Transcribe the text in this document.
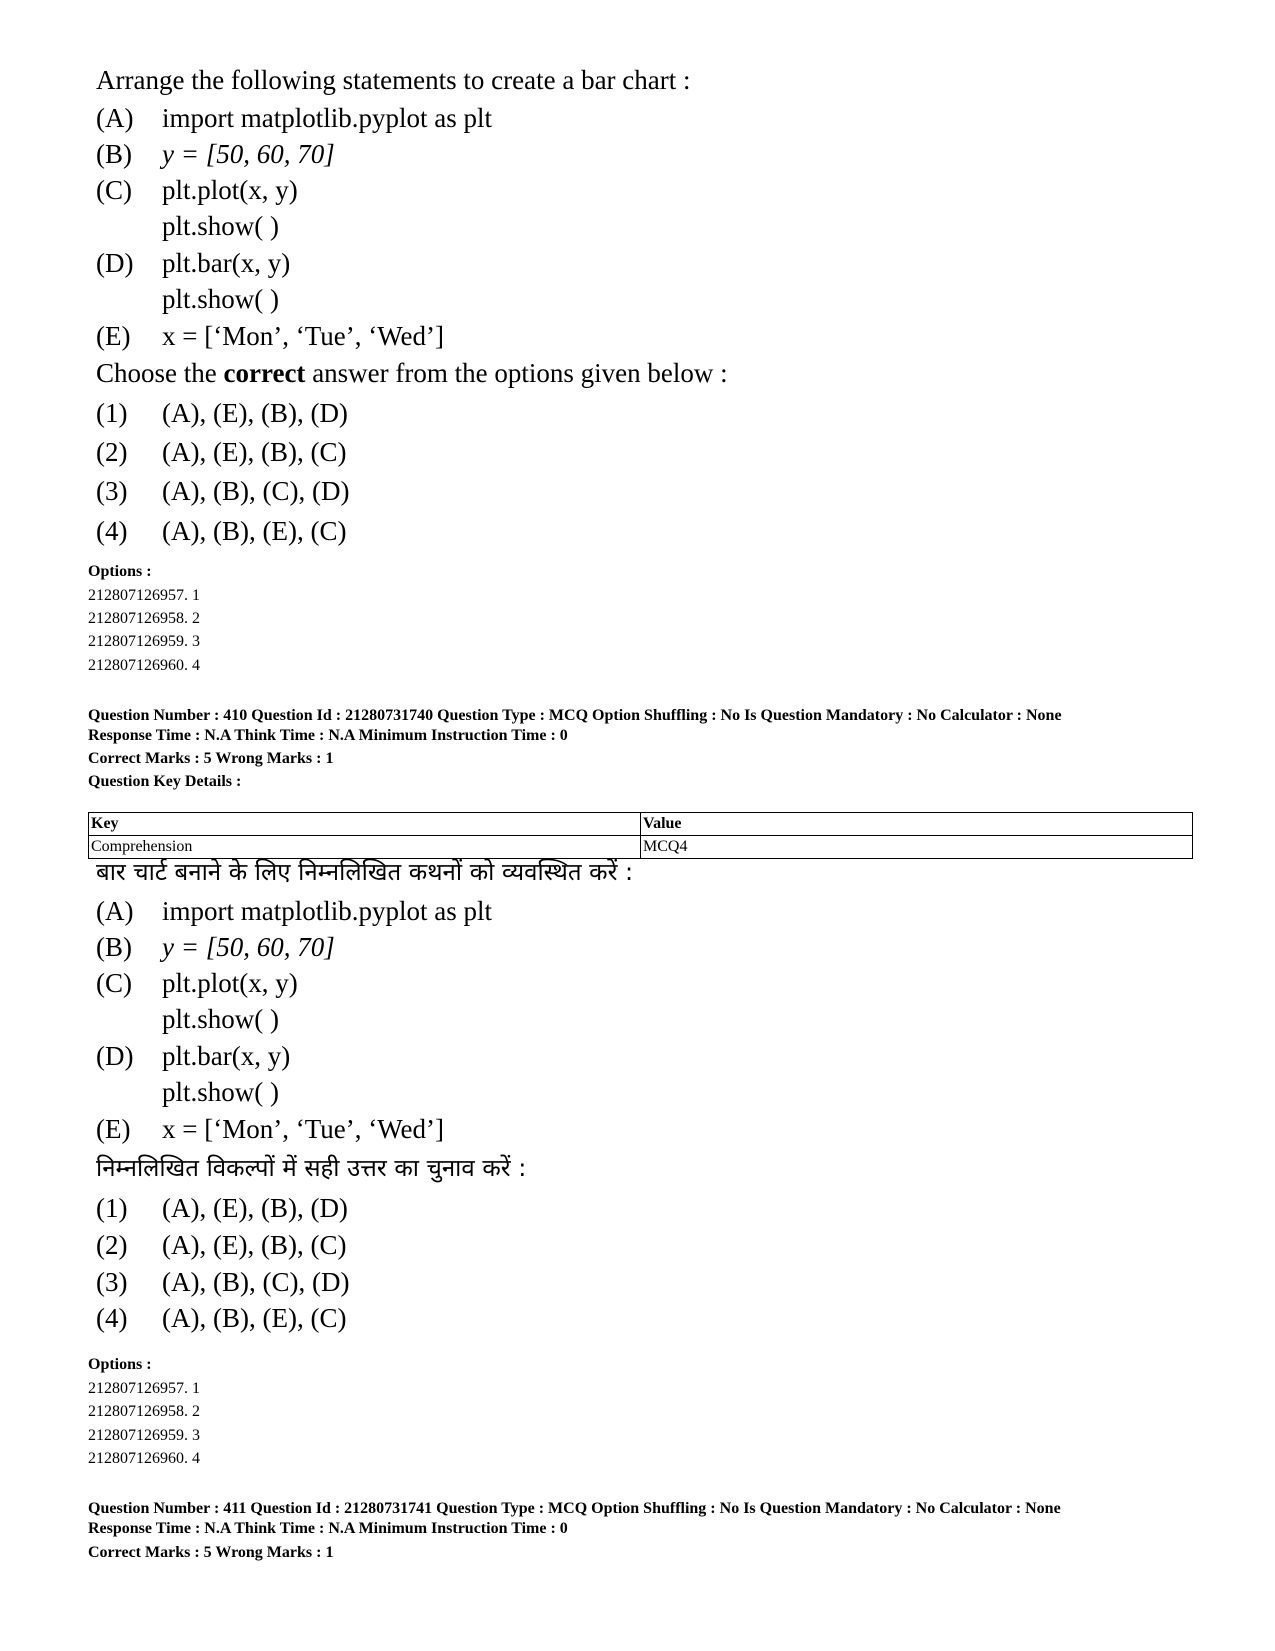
Arrange the following statements to create a bar chart :
(A) import matplotlib.pyplot as plt
(B) y = [50, 60, 70]
(C) plt.plot(x, y)
plt.show( )
(D) plt.bar(x, y)
plt.show( )
(E) x = [‘Mon’, ‘Tue’, ‘Wed’]
Choose the correct answer from the options given below :
(1) (A), (E), (B), (D)
(2) (A), (E), (B), (C)
(3) (A), (B), (C), (D)
(4) (A), (B), (E), (C)
Options :
212807126957. 1
212807126958. 2
212807126959. 3
212807126960. 4
Question Number : 410 Question Id : 21280731740 Question Type : MCQ Option Shuffling : No Is Question Mandatory : No Calculator : None
Response Time : N.A Think Time : N.A Minimum Instruction Time : 0
Correct Marks : 5 Wrong Marks : 1
Question Key Details :
Key	Value
Comprehension	MCQ4
बार चार्ट बनाने के लिए निम्नलिखित कथनों को व्यवस्थित करें :
(A) import matplotlib.pyplot as plt
(B) y = [50, 60, 70]
(C) plt.plot(x, y)
plt.show( )
(D) plt.bar(x, y)
plt.show( )
(E) x = [‘Mon’, ‘Tue’, ‘Wed’]
निम्नलिखित विकल्पों में सही उत्तर का चुनाव करें :
(1) (A), (E), (B), (D)
(2) (A), (E), (B), (C)
(3) (A), (B), (C), (D)
(4) (A), (B), (E), (C)
Options :
212807126957. 1
212807126958. 2
212807126959. 3
212807126960. 4
Question Number : 411 Question Id : 21280731741 Question Type : MCQ Option Shuffling : No Is Question Mandatory : No Calculator : None
Response Time : N.A Think Time : N.A Minimum Instruction Time : 0
Correct Marks : 5 Wrong Marks : 1
